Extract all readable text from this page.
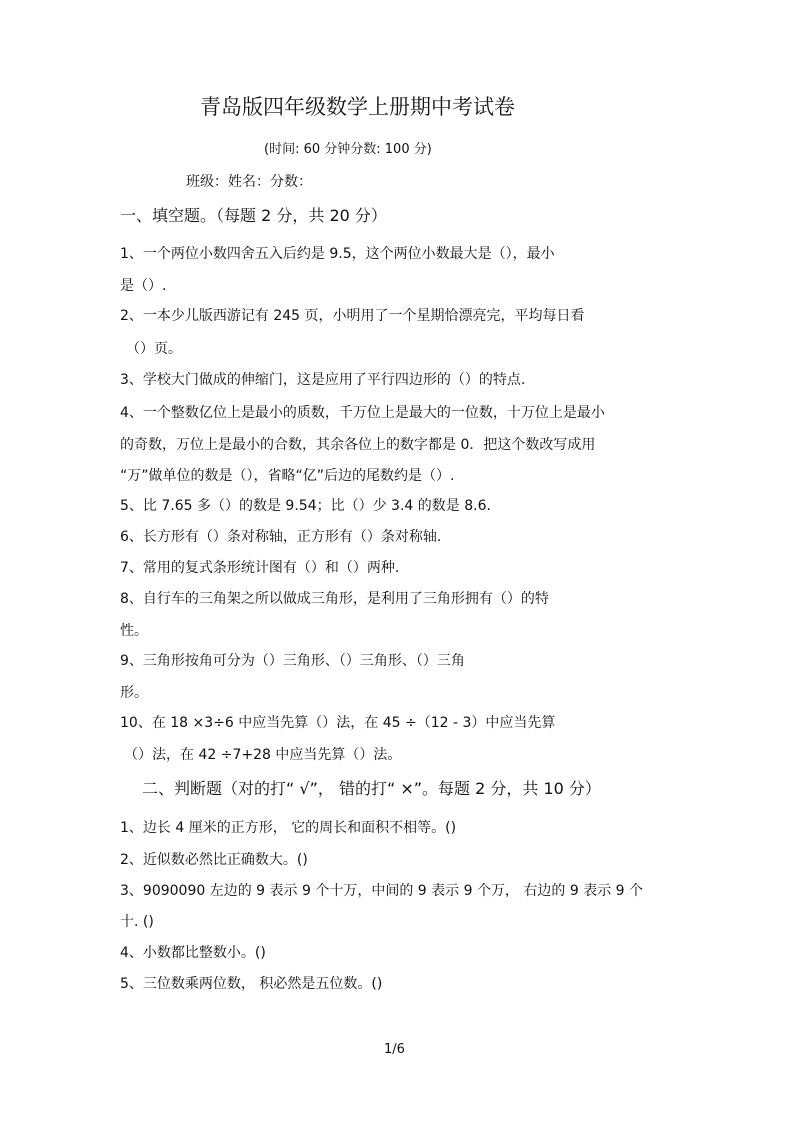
青岛版四年级数学上册期中考试卷
(时间: 60 分钟分数: 100 分)
班级：姓名：分数：
一、填空题。（每题 2 分，共 20 分）
1、一个两位小数四舍五入后约是 9.5，这个两位小数最大是（），最小
是（）.
2、一本少儿版西游记有 245 页，小明用了一个星期恰漂亮完，平均每日看
（）页。
3、学校大门做成的伸缩门，这是应用了平行四边形的（）的特点.
4、一个整数亿位上是最小的质数，千万位上是最大的一位数，十万位上是最小
的奇数，万位上是最小的合数，其余各位上的数字都是 0．把这个数改写成用
“万”做单位的数是（），省略“亿”后边的尾数约是（）.
5、比 7.65 多（）的数是 9.54；比（）少 3.4 的数是 8.6.
6、长方形有（）条对称轴，正方形有（）条对称轴.
7、常用的复式条形统计图有（）和（）两种.
8、自行车的三角架之所以做成三角形，是利用了三角形拥有（）的特
性。
9、三角形按角可分为（）三角形、（）三角形、（）三角
形。
10、在 18 ×3÷6 中应当先算（）法，在 45 ÷（12 - 3）中应当先算
（）法，在 42 ÷7+28 中应当先算（）法。
二、判断题（对的打“ √”， 错的打“ ×”。每题 2 分，共 10 分）
1、边长 4 厘米的正方形， 它的周长和面积不相等。()
2、近似数必然比正确数大。()
3、9090090 左边的 9 表示 9 个十万，中间的 9 表示 9 个万， 右边的 9 表示 9 个
十. ()
4、小数都比整数小。()
5、三位数乘两位数， 积必然是五位数。()
1/6
